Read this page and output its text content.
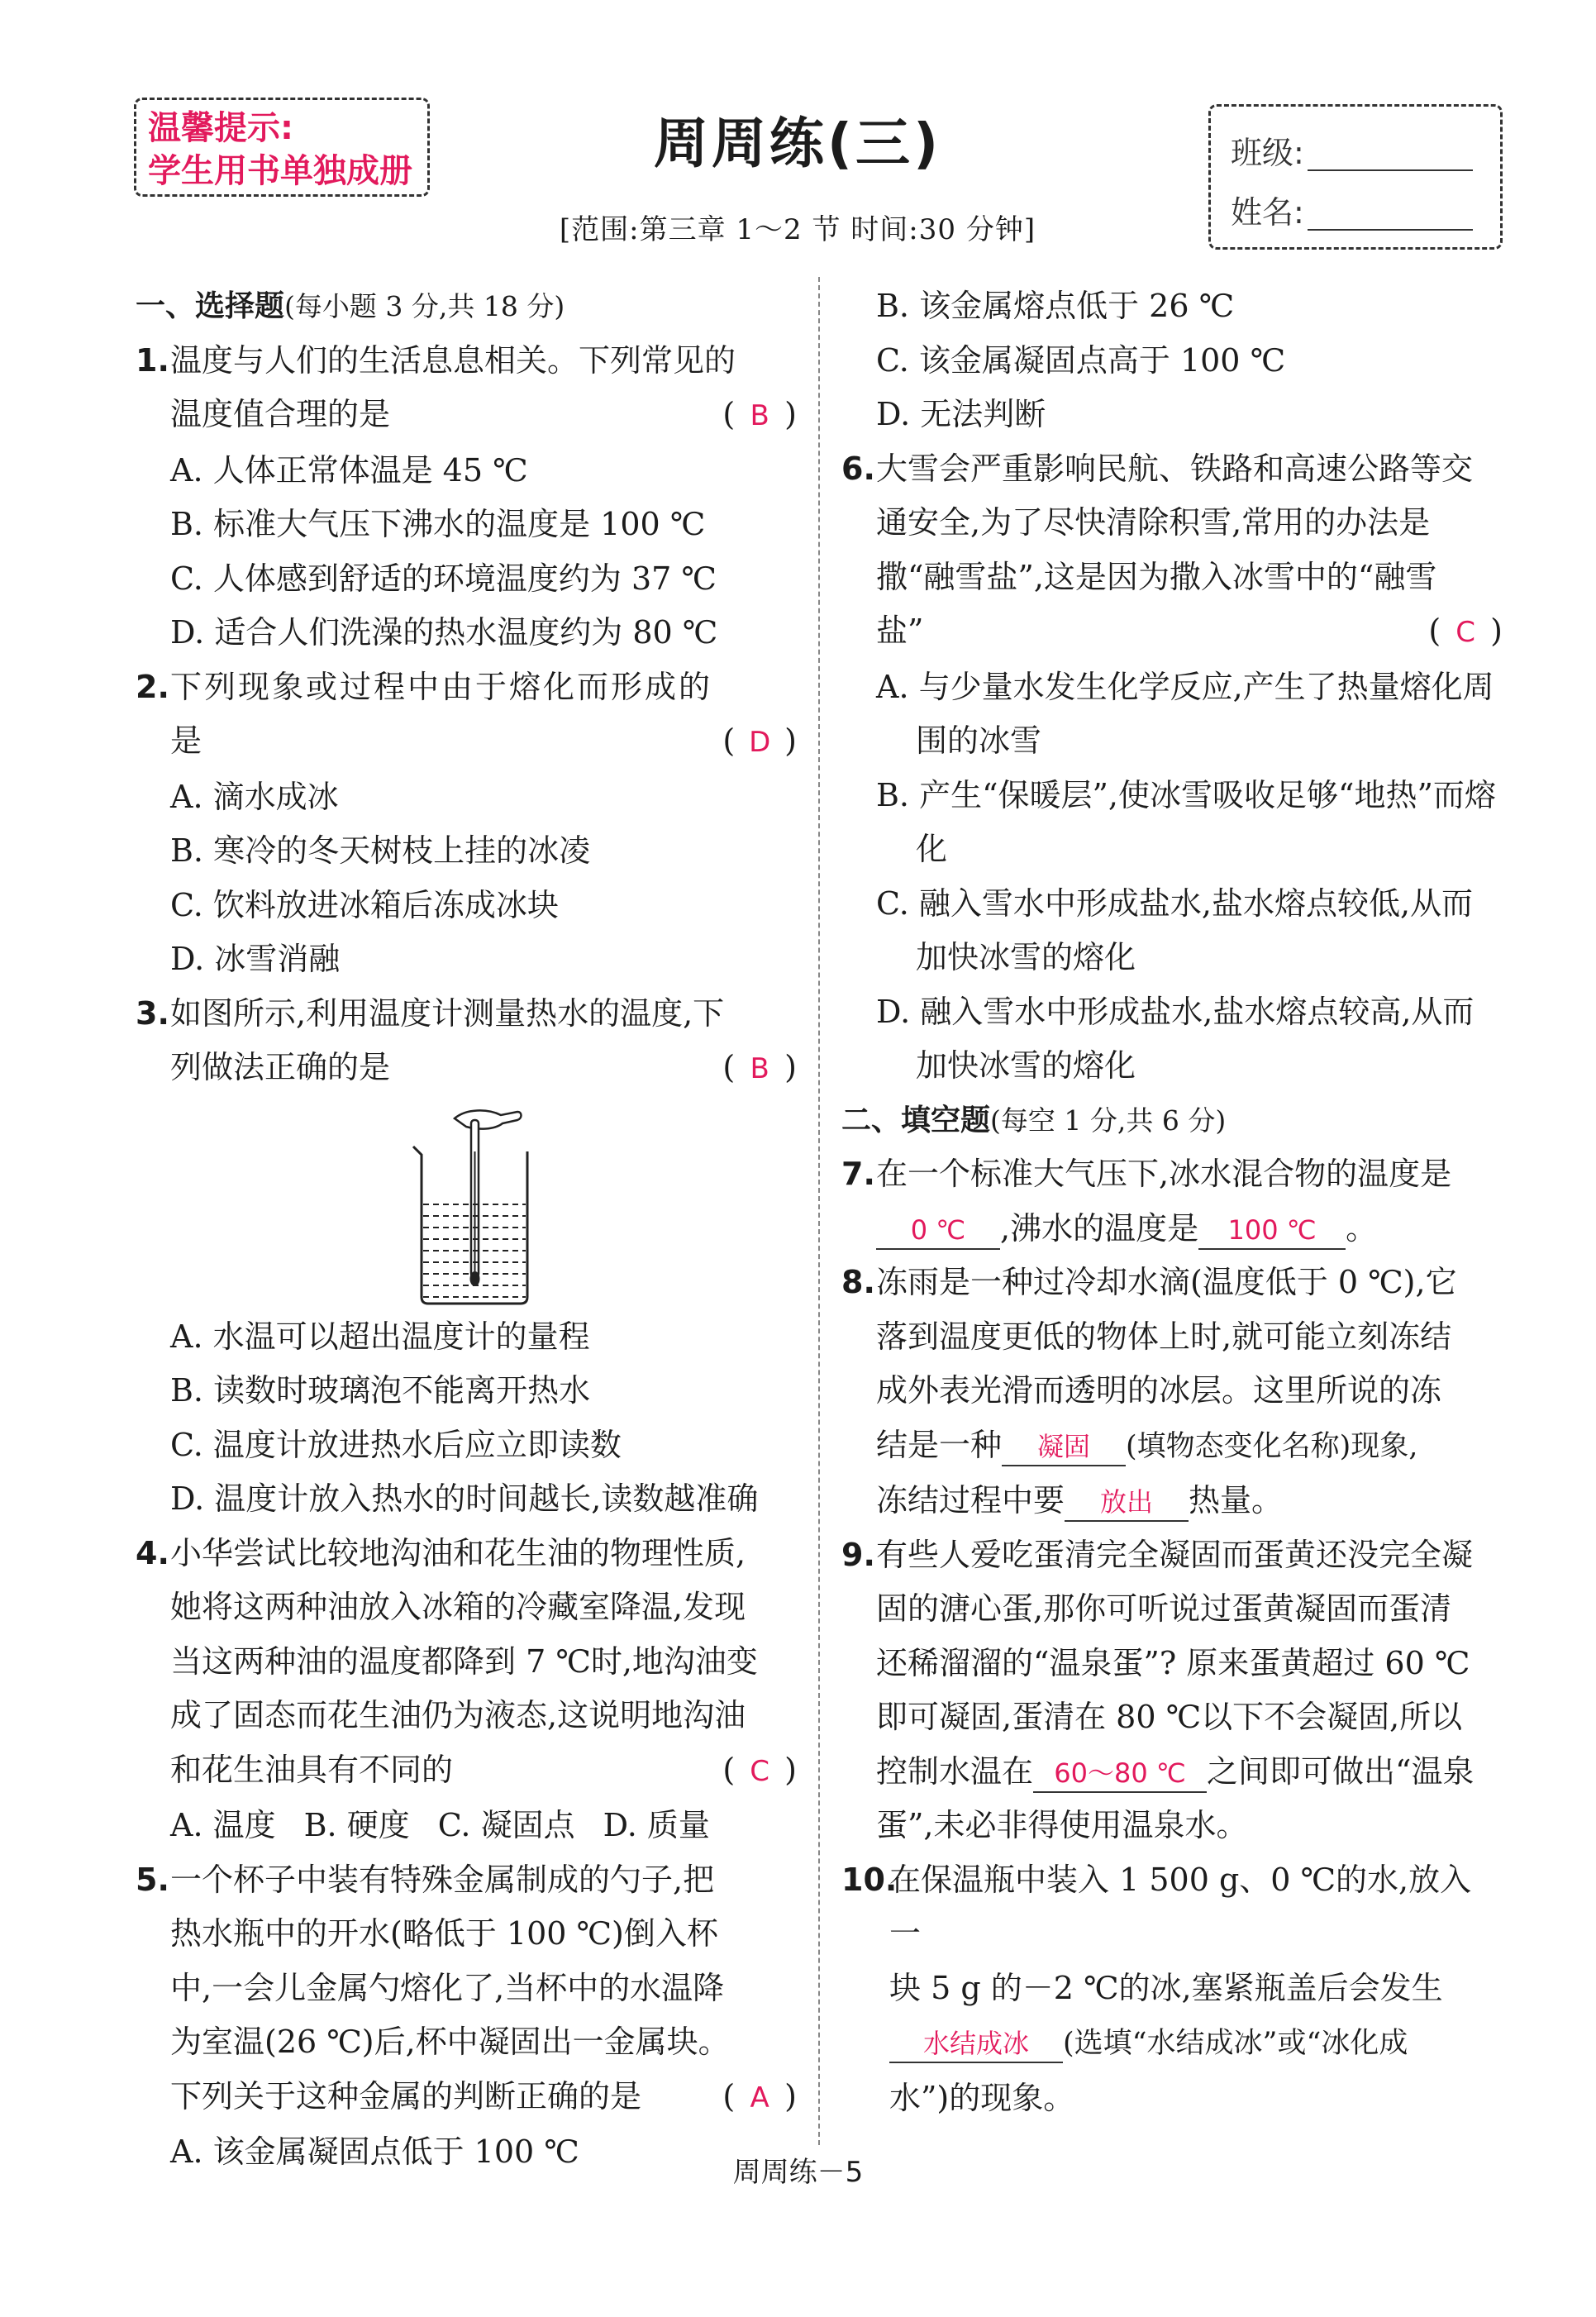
温馨提示:
学生用书单独成册	周周练(三)
[范围:第三章 1～2 节 时间:30 分钟]
班级:
姓名:
一、选择题(每小题 3 分,共 18 分)
1. 温度与人们的生活息息相关。下列常见的
温度值合理的是	( B )
A. 人体正常体温是 45 ℃
B. 标准大气压下沸水的温度是 100 ℃
C. 人体感到舒适的环境温度约为 37 ℃
D. 适合人们洗澡的热水温度约为 80 ℃
2. 下列现象或过程中由于熔化而形成的
是	( D )
A. 滴水成冰
B. 寒冷的冬天树枝上挂的冰凌
C. 饮料放进冰箱后冻成冰块
D. 冰雪消融
3. 如图所示,利用温度计测量热水的温度,下
列做法正确的是	( B )
A. 水温可以超出温度计的量程
B. 读数时玻璃泡不能离开热水
C. 温度计放进热水后应立即读数
D. 温度计放入热水的时间越长,读数越准确
4. 小华尝试比较地沟油和花生油的物理性质,
她将这两种油放入冰箱的冷藏室降温,发现
当这两种油的温度都降到 7 ℃时,地沟油变
成了固态而花生油仍为液态,这说明地沟油
和花生油具有不同的	( C )
A. 温度 B. 硬度 C. 凝固点 D. 质量
5. 一个杯子中装有特殊金属制成的勺子,把
热水瓶中的开水(略低于 100 ℃)倒入杯
中,一会儿金属勺熔化了,当杯中的水温降
为室温(26 ℃)后,杯中凝固出一金属块。
下列关于这种金属的判断正确的是	( A )
A. 该金属凝固点低于 100 ℃
B. 该金属熔点低于 26 ℃
C. 该金属凝固点高于 100 ℃
D. 无法判断
6. 大雪会严重影响民航、铁路和高速公路等交
通安全,为了尽快清除积雪,常用的办法是
撒“融雪盐”,这是因为撒入冰雪中的“融雪
盐”	( C )
A. 与少量水发生化学反应,产生了热量熔化周围的冰雪
B. 产生“保暖层”,使冰雪吸收足够“地热”而熔化
C. 融入雪水中形成盐水,盐水熔点较低,从而加快冰雪的熔化
D. 融入雪水中形成盐水,盐水熔点较高,从而加快冰雪的熔化
二、填空题(每空 1 分,共 6 分)
7. 在一个标准大气压下,冰水混合物的温度是
0 ℃ ,沸水的温度是 100 ℃ 。
8. 冻雨是一种过冷却水滴(温度低于 0 ℃),它
落到温度更低的物体上时,就可能立刻冻结
成外表光滑而透明的冰层。这里所说的冻
结是一种 凝固 (填物态变化名称)现象,
冻结过程中要 放出 热量。
9. 有些人爱吃蛋清完全凝固而蛋黄还没完全凝
固的溏心蛋,那你可听说过蛋黄凝固而蛋清
还稀溜溜的“温泉蛋”? 原来蛋黄超过 60 ℃
即可凝固,蛋清在 80 ℃以下不会凝固,所以
控制水温在 60～80 ℃ 之间即可做出“温泉
蛋”,未必非得使用温泉水。
10.
在保温瓶中装入 1 500 g、0 ℃的水,放入一
块 5 g 的－2 ℃的冰,塞紧瓶盖后会发生
水结成冰 (选填“水结成冰”或“冰化成
水”)的现象。
周周练－5
